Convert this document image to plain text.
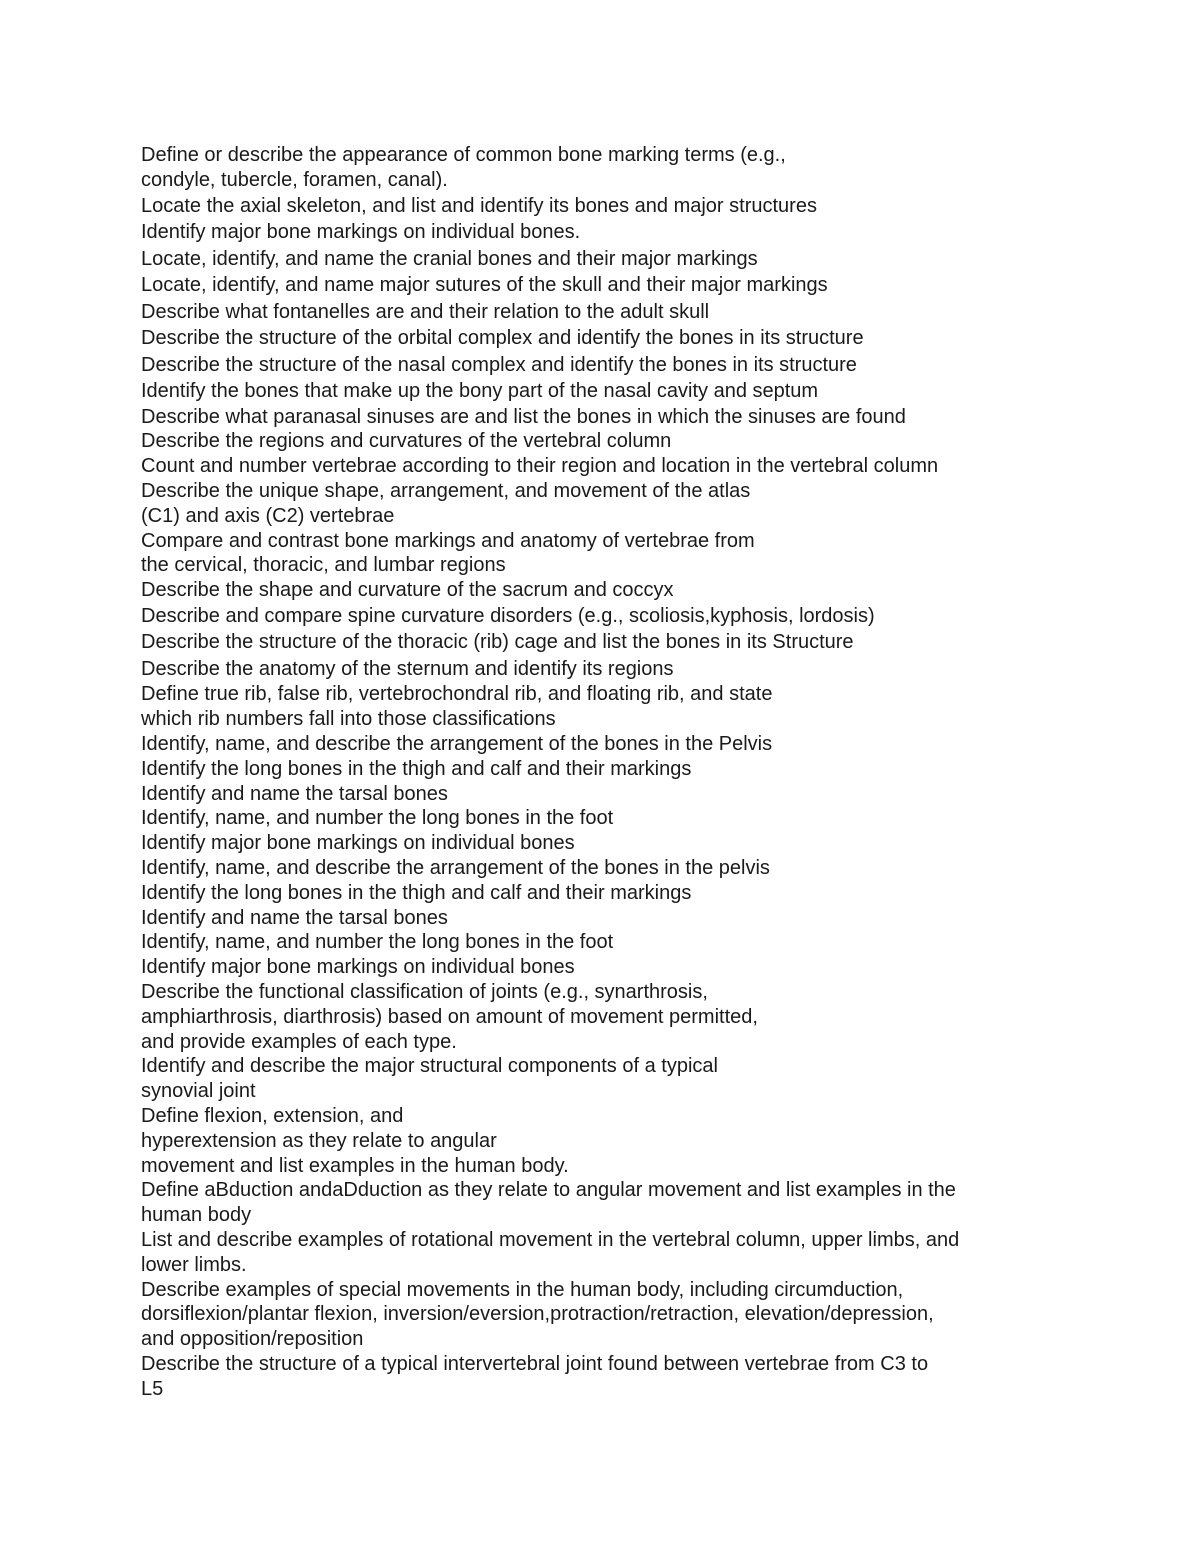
Define or describe the appearance of common bone marking terms (e.g.,

condyle, tubercle, foramen, canal).

Locate the axial skeleton, and list and identify its bones and major structures

Identify major bone markings on individual bones.

Locate, identify, and name the cranial bones and their major markings

Locate, identify, and name major sutures of the skull and their major markings

Describe what fontanelles are and their relation to the adult skull

Describe the structure of the orbital complex and identify the bones in its structure

Describe the structure of the nasal complex and identify the bones in its structure

Identify the bones that make up the bony part of the nasal cavity and septum

Describe what paranasal sinuses are and list the bones in which the sinuses are found

Describe the regions and curvatures of the vertebral column

Count and number vertebrae according to their region and location in the vertebral column

Describe the unique shape, arrangement, and movement of the atlas

(C1) and axis (C2) vertebrae

Compare and contrast bone markings and anatomy of vertebrae from

the cervical, thoracic, and lumbar regions

Describe the shape and curvature of the sacrum and coccyx

Describe and compare spine curvature disorders (e.g., scoliosis,kyphosis, lordosis)

Describe the structure of the thoracic (rib) cage and list the bones in its Structure

Describe the anatomy of the sternum and identify its regions

Define true rib, false rib, vertebrochondral rib, and floating rib, and state

which rib numbers fall into those classifications

Identify, name, and describe the arrangement of the bones in the Pelvis

Identify the long bones in the thigh and calf and their markings

Identify and name the tarsal bones

Identify, name, and number the long bones in the foot

Identify major bone markings on individual bones

Identify, name, and describe the arrangement of the bones in the pelvis

Identify the long bones in the thigh and calf and their markings

Identify and name the tarsal bones

Identify, name, and number the long bones in the foot

Identify major bone markings on individual bones

Describe the functional classification of joints (e.g., synarthrosis,

amphiarthrosis, diarthrosis) based on amount of movement permitted,

and provide examples of each type.

Identify and describe the major structural components of a typical

synovial joint

Define flexion, extension, and

hyperextension as they relate to angular

movement and list examples in the human body.

Define aBduction andaDduction as they relate to angular movement and list examples in the

human body

List and describe examples of rotational movement in the vertebral column, upper limbs, and

lower limbs.

Describe examples of special movements in the human body, including circumduction,

dorsiflexion/plantar flexion, inversion/eversion,protraction/retraction, elevation/depression,

and opposition/reposition

Describe the structure of a typical intervertebral joint found between vertebrae from C3 to

L5
